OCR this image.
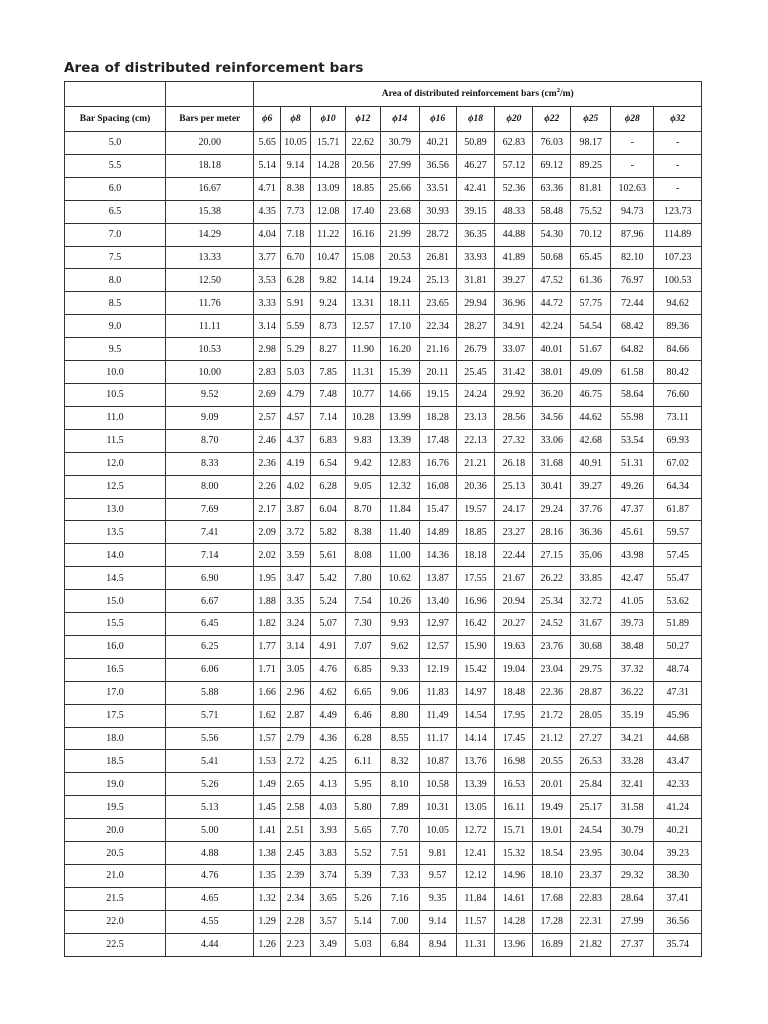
Area of distributed reinforcement bars
		Area of distributed reinforcement bars $(cm^2/m)$											
Bar Spacing (cm)	Bars per meter	ϕ6	ϕ8	ϕ10	ϕ12	ϕ14	ϕ16	ϕ18	ϕ20	ϕ22	ϕ25	ϕ28	ϕ32
5.0	20.00	5.65	10.05	15.71	22.62	30.79	40.21	50.89	62.83	76.03	98.17	-	-
5.5	18.18	5.14	9.14	14.28	20.56	27.99	36.56	46.27	57.12	69.12	89.25	-	-
6.0	16.67	4.71	8.38	13.09	18.85	25.66	33.51	42.41	52.36	63.36	81.81	102.63	-
6.5	15.38	4.35	7.73	12.08	17.40	23.68	30.93	39.15	48.33	58.48	75.52	94.73	123.73
7.0	14.29	4.04	7.18	11.22	16.16	21.99	28.72	36.35	44.88	54.30	70.12	87.96	114.89
7.5	13.33	3.77	6.70	10.47	15.08	20.53	26.81	33.93	41.89	50.68	65.45	82.10	107.23
8.0	12.50	3.53	6.28	9.82	14.14	19.24	25.13	31.81	39.27	47.52	61.36	76.97	100.53
8.5	11.76	3.33	5.91	9.24	13.31	18.11	23.65	29.94	36.96	44.72	57.75	72.44	94.62
9.0	11.11	3.14	5.59	8.73	12.57	17.10	22.34	28.27	34.91	42.24	54.54	68.42	89.36
9.5	10.53	2.98	5.29	8.27	11.90	16.20	21.16	26.79	33.07	40.01	51.67	64.82	84.66
10.0	10.00	2.83	5.03	7.85	11.31	15.39	20.11	25.45	31.42	38.01	49.09	61.58	80.42
10.5	9.52	2.69	4.79	7.48	10.77	14.66	19.15	24.24	29.92	36.20	46.75	58.64	76.60
11.0	9.09	2.57	4.57	7.14	10.28	13.99	18.28	23.13	28.56	34.56	44.62	55.98	73.11
11.5	8.70	2.46	4.37	6.83	9.83	13.39	17.48	22.13	27.32	33.06	42.68	53.54	69.93
12.0	8.33	2.36	4.19	6.54	9.42	12.83	16.76	21.21	26.18	31.68	40.91	51.31	67.02
12.5	8.00	2.26	4.02	6.28	9.05	12.32	16.08	20.36	25.13	30.41	39.27	49.26	64.34
13.0	7.69	2.17	3.87	6.04	8.70	11.84	15.47	19.57	24.17	29.24	37.76	47.37	61.87
13.5	7.41	2.09	3.72	5.82	8.38	11.40	14.89	18.85	23.27	28.16	36.36	45.61	59.57
14.0	7.14	2.02	3.59	5.61	8.08	11.00	14.36	18.18	22.44	27.15	35.06	43.98	57.45
14.5	6.90	1.95	3.47	5.42	7.80	10.62	13.87	17.55	21.67	26.22	33.85	42.47	55.47
15.0	6.67	1.88	3.35	5.24	7.54	10.26	13.40	16.96	20.94	25.34	32.72	41.05	53.62
15.5	6.45	1.82	3.24	5.07	7.30	9.93	12.97	16.42	20.27	24.52	31.67	39.73	51.89
16.0	6.25	1.77	3.14	4.91	7.07	9.62	12.57	15.90	19.63	23.76	30.68	38.48	50.27
16.5	6.06	1.71	3.05	4.76	6.85	9.33	12.19	15.42	19.04	23.04	29.75	37.32	48.74
17.0	5.88	1.66	2.96	4.62	6.65	9.06	11.83	14.97	18.48	22.36	28.87	36.22	47.31
17.5	5.71	1.62	2.87	4.49	6.46	8.80	11.49	14.54	17.95	21.72	28.05	35.19	45.96
18.0	5.56	1.57	2.79	4.36	6.28	8.55	11.17	14.14	17.45	21.12	27.27	34.21	44.68
18.5	5.41	1.53	2.72	4.25	6.11	8.32	10.87	13.76	16.98	20.55	26.53	33.28	43.47
19.0	5.26	1.49	2.65	4.13	5.95	8.10	10.58	13.39	16.53	20.01	25.84	32.41	42.33
19.5	5.13	1.45	2.58	4.03	5.80	7.89	10.31	13.05	16.11	19.49	25.17	31.58	41.24
20.0	5.00	1.41	2.51	3.93	5.65	7.70	10.05	12.72	15.71	19.01	24.54	30.79	40.21
20.5	4.88	1.38	2.45	3.83	5.52	7.51	9.81	12.41	15.32	18.54	23.95	30.04	39.23
21.0	4.76	1.35	2.39	3.74	5.39	7.33	9.57	12.12	14.96	18.10	23.37	29.32	38.30
21.5	4.65	1.32	2.34	3.65	5.26	7.16	9.35	11.84	14.61	17.68	22.83	28.64	37.41
22.0	4.55	1.29	2.28	3.57	5.14	7.00	9.14	11.57	14.28	17.28	22.31	27.99	36.56
22.5	4.44	1.26	2.23	3.49	5.03	6.84	8.94	11.31	13.96	16.89	21.82	27.37	35.74
